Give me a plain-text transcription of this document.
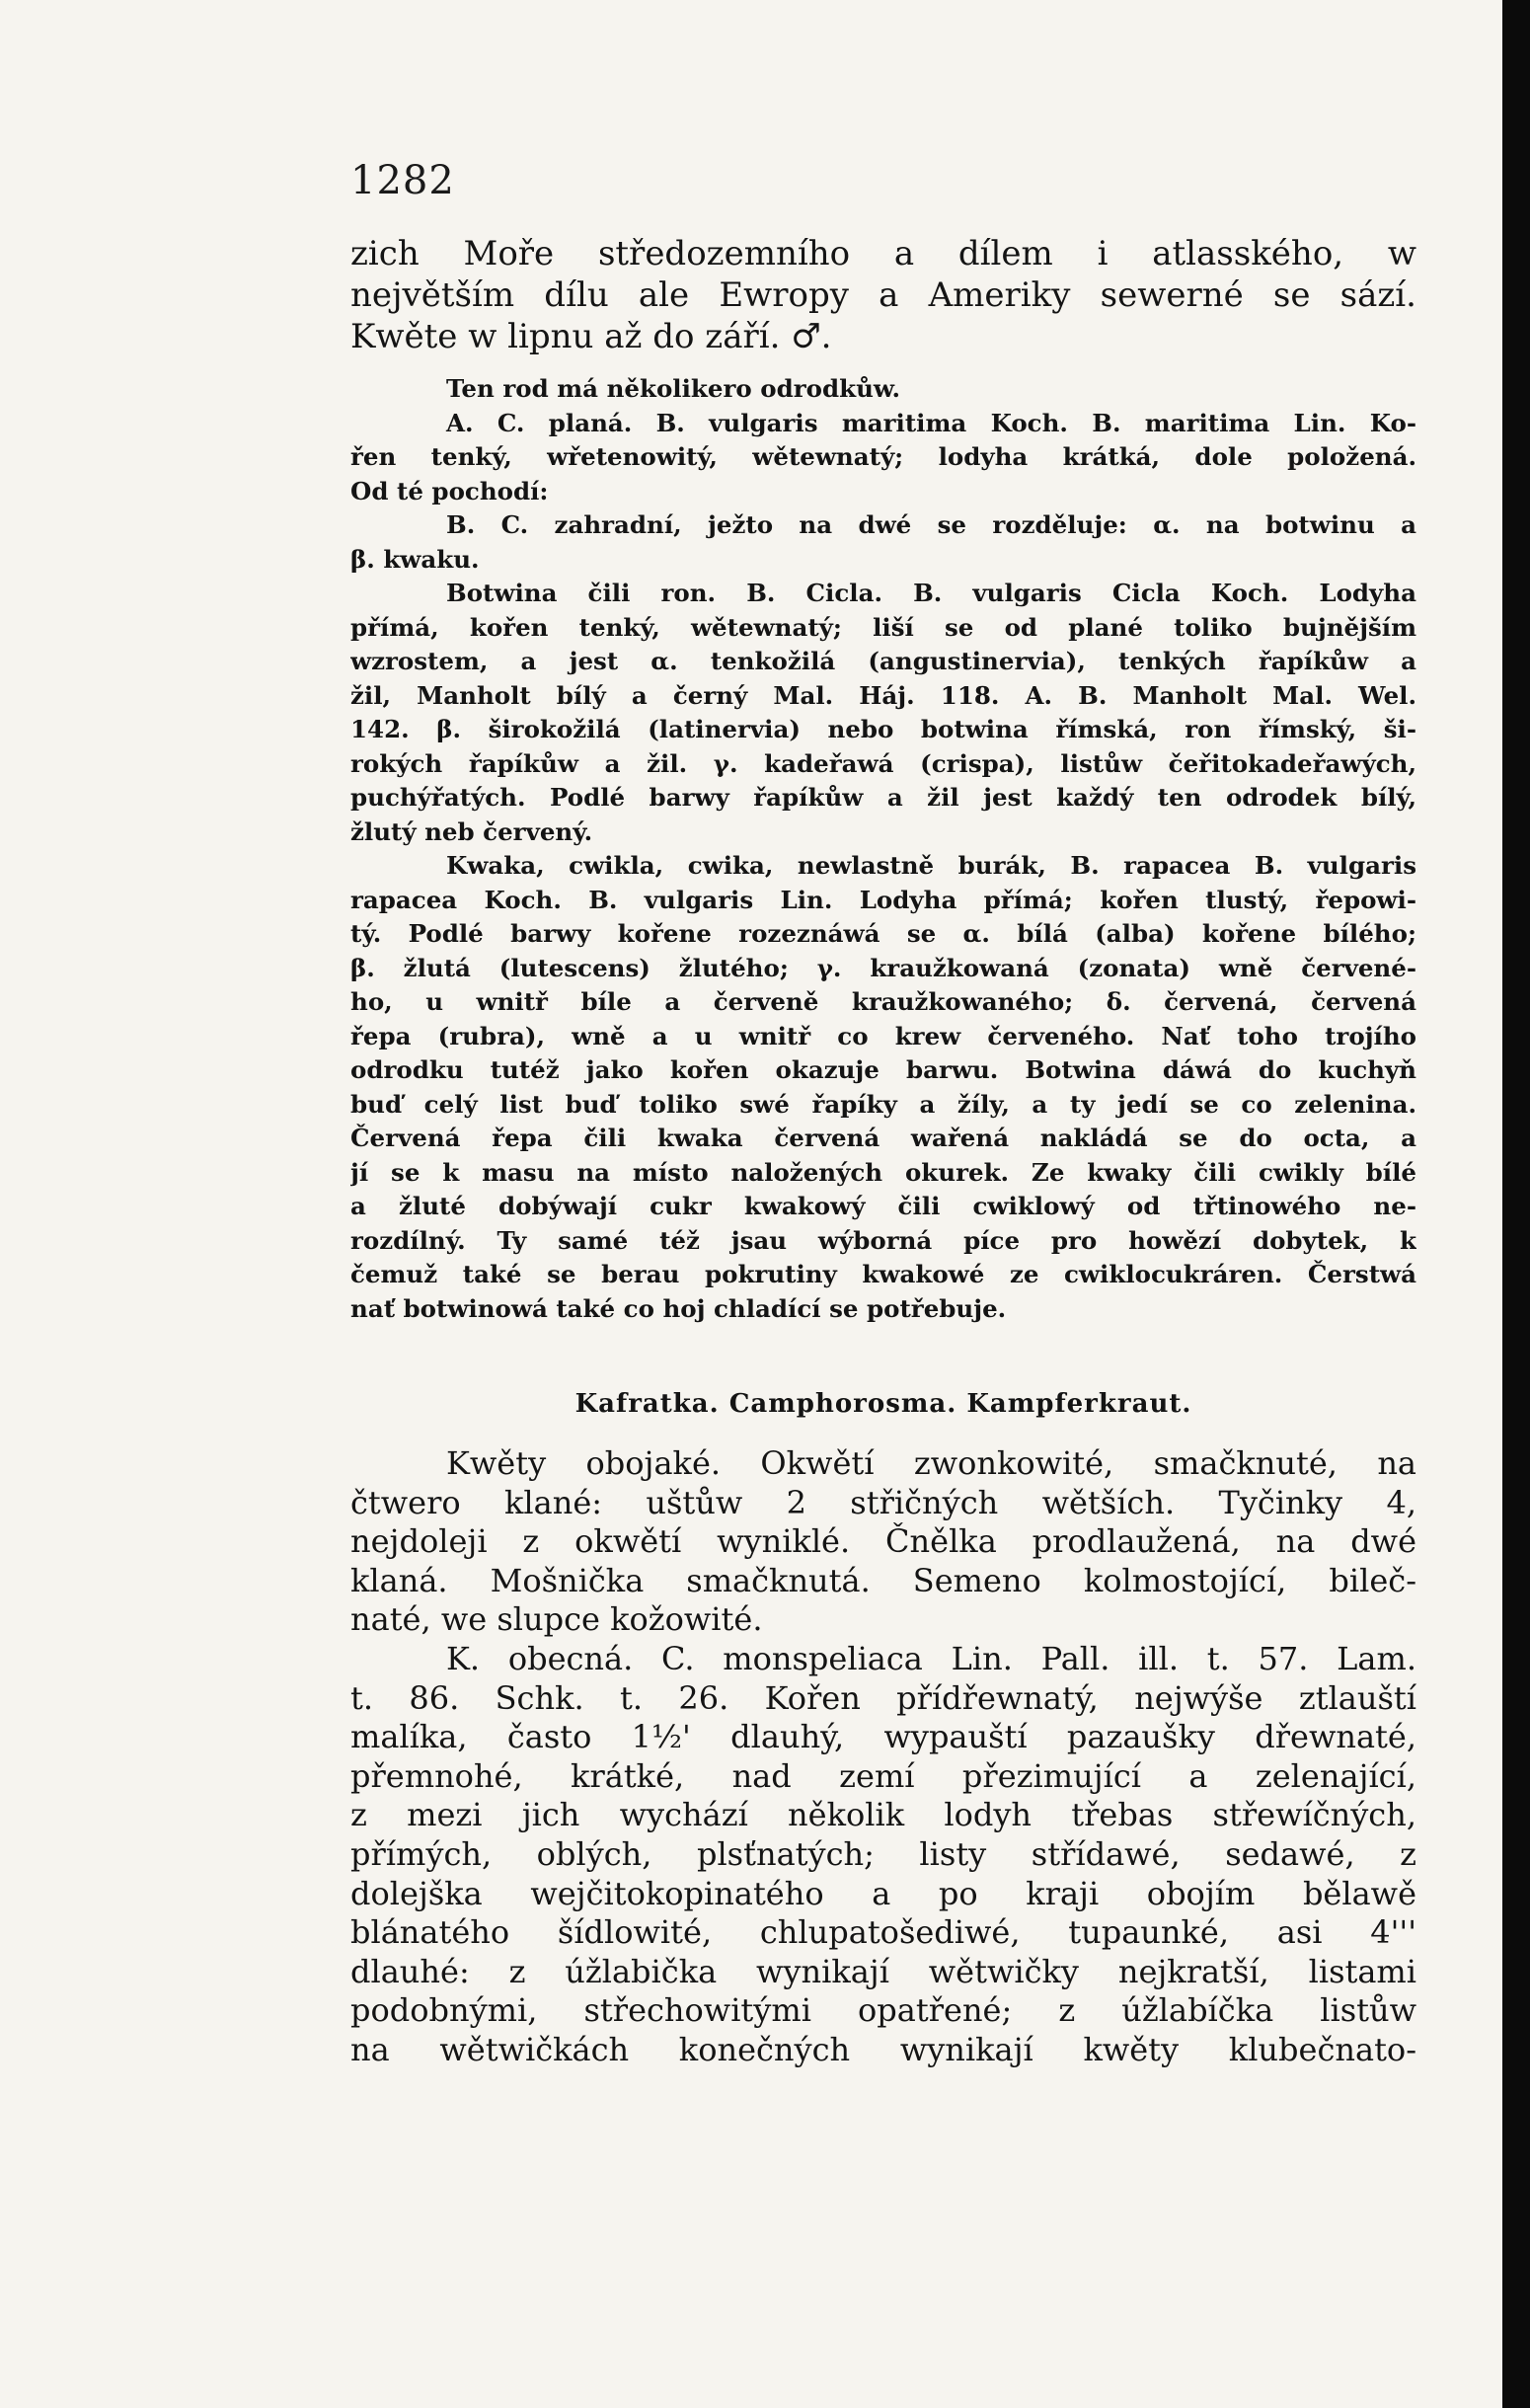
1282
zich Moře středozemního a dílem i atlasského, w
největším dílu ale Ewropy a Ameriky sewerné se sází.
Kwěte w lipnu až do září. ♂.
Ten rod má několikero odrodkůw.
A. C. planá. B. vulgaris maritima Koch. B. maritima Lin. Ko-
řen tenký, wřetenowitý, wětewnatý; lodyha krátká, dole položená.
Od té pochodí:
B. C. zahradní, ježto na dwé se rozděluje: α. na botwinu a
β. kwaku.
Botwina čili ron. B. Cicla. B. vulgaris Cicla Koch. Lodyha
přímá, kořen tenký, wětewnatý; liší se od plané toliko bujnějším
wzrostem, a jest α. tenkožilá (angustinervia), tenkých řapíkůw a
žil, Manholt bílý a černý Mal. Háj. 118. A. B. Manholt Mal. Wel.
142. β. širokožilá (latinervia) nebo botwina římská, ron římský, ši-
rokých řapíkůw a žil. γ. kadeřawá (crispa), listůw čeřitokadeřawých,
puchýřatých. Podlé barwy řapíkůw a žil jest každý ten odrodek bílý,
žlutý neb červený.
Kwaka, cwikla, cwika, newlastně burák, B. rapacea B. vulgaris
rapacea Koch. B. vulgaris Lin. Lodyha přímá; kořen tlustý, řepowi-
tý. Podlé barwy kořene rozeznáwá se α. bílá (alba) kořene bílého;
β. žlutá (lutescens) žlutého; γ. kraužkowaná (zonata) wně červené-
ho, u wnitř bíle a červeně kraužkowaného; δ. červená, červená
řepa (rubra), wně a u wnitř co krew červeného. Nať toho trojího
odrodku tutéž jako kořen okazuje barwu. Botwina dáwá do kuchyň
buď celý list buď toliko swé řapíky a žíly, a ty jedí se co zelenina.
Červená řepa čili kwaka červená wařená nakládá se do octa, a
jí se k masu na místo naložených okurek. Ze kwaky čili cwikly bílé
a žluté dobýwají cukr kwakowý čili cwiklowý od třtinowého ne-
rozdílný. Ty samé též jsau wýborná píce pro howězí dobytek, k
čemuž také se berau pokrutiny kwakowé ze cwiklocukráren. Čerstwá
nať botwinowá také co hoj chladící se potřebuje.
Kafratka. Camphorosma. Kampferkraut.
Kwěty obojaké. Okwětí zwonkowité, smačknuté, na
čtwero klané: uštůw 2 střičných wětších. Tyčinky 4,
nejdoleji z okwětí wyniklé. Čnělka prodlaužená, na dwé
klaná. Mošnička smačknutá. Semeno kolmostojící, bileč-
naté, we slupce kožowité.
K. obecná. C. monspeliaca Lin. Pall. ill. t. 57. Lam.
t. 86. Schk. t. 26. Kořen přídřewnatý, nejwýše ztlauští
malíka, často 1½' dlauhý, wypauští pazaušky dřewnaté,
přemnohé, krátké, nad zemí přezimující a zelenající,
z mezi jich wychází několik lodyh třebas střewíčných,
přímých, oblých, plsťnatých; listy střídawé, sedawé, z
dolejška wejčitokopinatého a po kraji obojím bělawě
blánatého šídlowité, chlupatošediwé, tupaunké, asi 4'''
dlauhé: z úžlabička wynikají wětwičky nejkratší, listami
podobnými, střechowitými opatřené; z úžlabíčka listůw
na wětwičkách konečných wynikají kwěty klubečnato-
